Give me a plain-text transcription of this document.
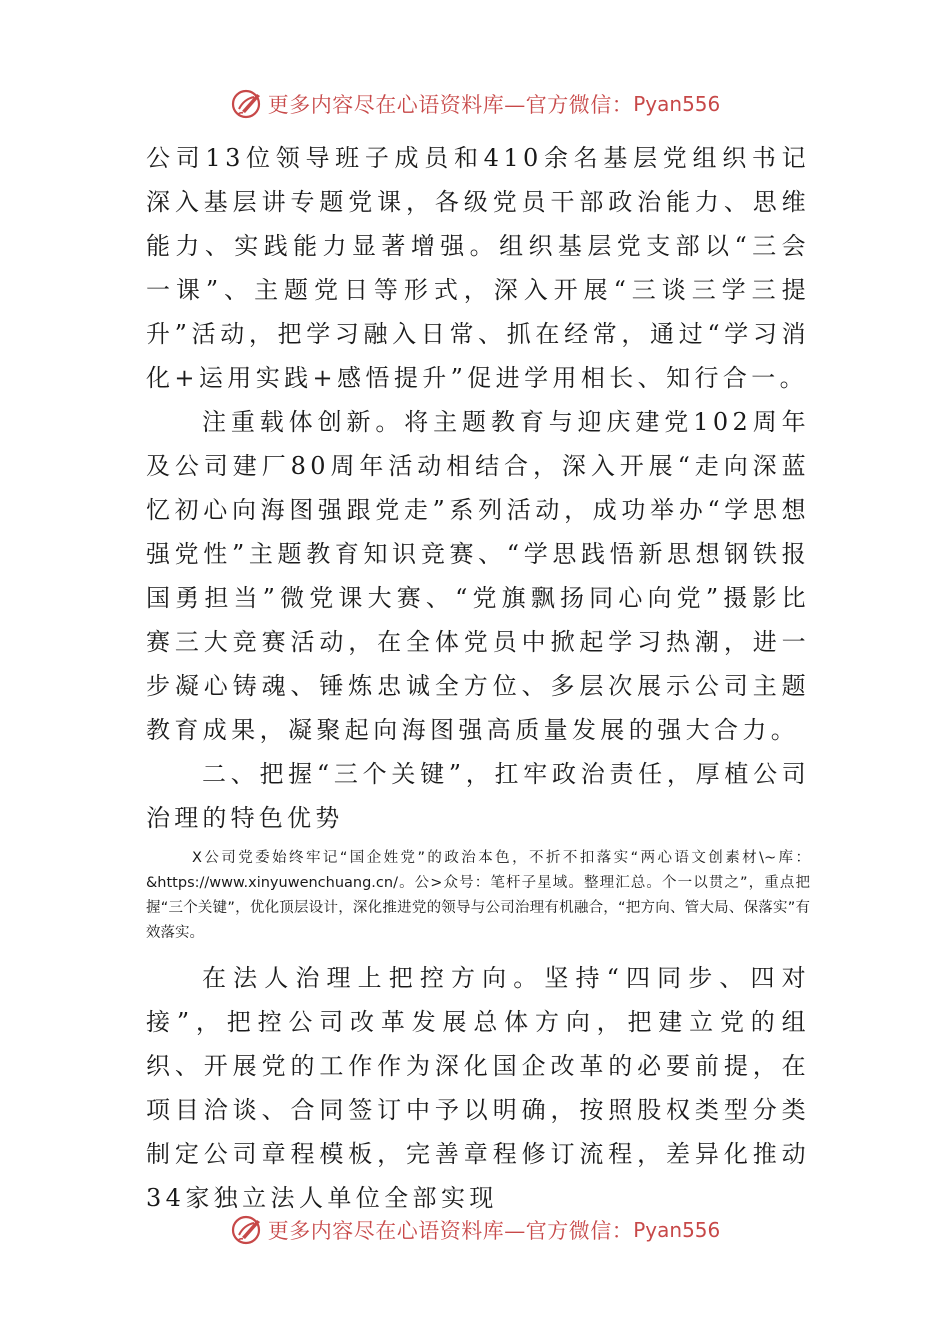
更多内容尽在心语资料库—官方微信： Pyan556

公司13位领导班子成员和410余名基层党组织书记深入基层讲专题党课，各级党员干部政治能力、思维能力、实践能力显著增强。组织基层党支部以“三会一课”、主题党日等形式，深入开展“三谈三学三提升”活动，把学习融入日常、抓在经常，通过“学习消化+运用实践+感悟提升”促进学用相长、知行合一。

注重载体创新。将主题教育与迎庆建党102周年及公司建厂80周年活动相结合，深入开展“走向深蓝忆初心向海图强跟党走”系列活动，成功举办“学思想强党性”主题教育知识竞赛、“学思践悟新思想钢铁报国勇担当”微党课大赛、“党旗飘扬同心向党”摄影比赛三大竞赛活动，在全体党员中掀起学习热潮，进一步凝心铸魂、锤炼忠诚全方位、多层次展示公司主题教育成果，凝聚起向海图强高质量发展的强大合力。

二、把握“三个关键”，扛牢政治责任，厚植公司治理的特色优势

X公司党委始终牢记“国企姓党”的政治本色，不折不扣落实“两心语文创素材\~库：&https://www.xinyuwenchuang.cn/。公>众号：笔杆子星域。整理汇总。个一以贯之”，重点把握“三个关键”，优化顶层设计，深化推进党的领导与公司治理有机融合，“把方向、管大局、保落实”有效落实。

在法人治理上把控方向。坚持“四同步、四对接”，把控公司改革发展总体方向，把建立党的组织、开展党的工作作为深化国企改革的必要前提，在项目洽谈、合同签订中予以明确，按照股权类型分类制定公司章程模板，完善章程修订流程，差异化推动34家独立法人单位全部实现

更多内容尽在心语资料库—官方微信： Pyan556
